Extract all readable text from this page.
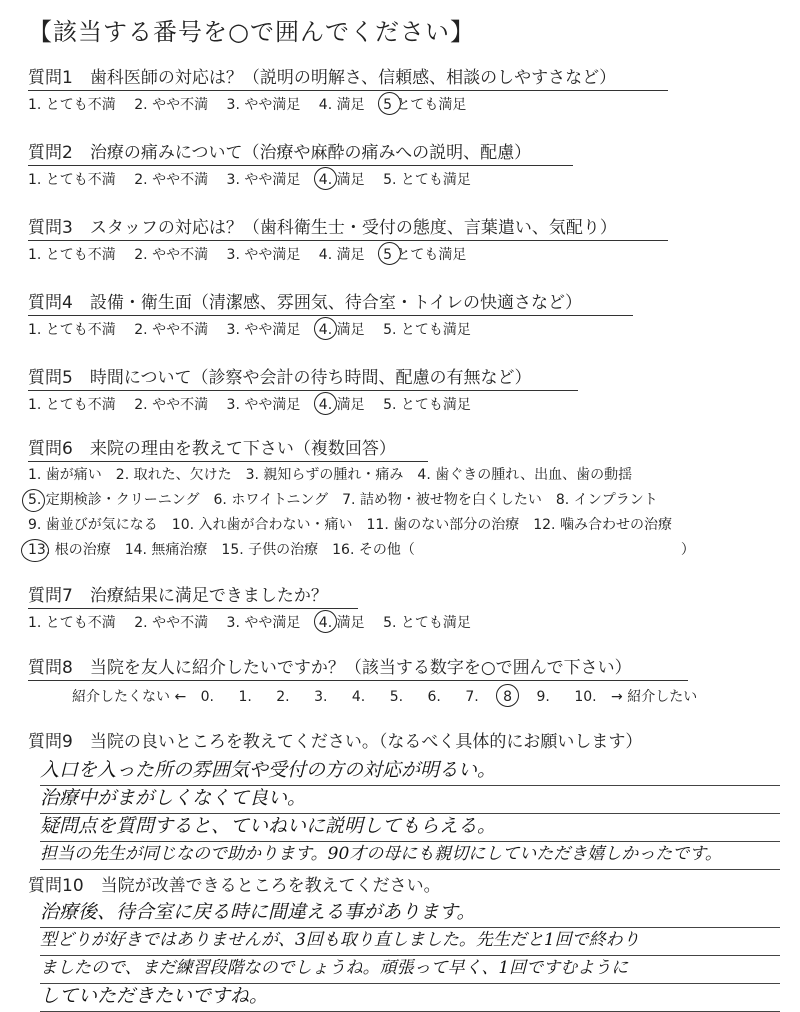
【該当する番号を○で囲んでください】
質問1　歯科医師の対応は？（説明の明解さ、信頼感、相談のしやすさなど）
1. とても不満 2. やや不満 3. やや満足 4. 満足 5 とても満足
質問2　治療の痛みについて（治療や麻酔の痛みへの説明、配慮）
1. とても不満 2. やや不満 3. やや満足 4. 満足 5. とても満足
質問3　スタッフの対応は？（歯科衛生士・受付の態度、言葉遣い、気配り）
1. とても不満 2. やや不満 3. やや満足 4. 満足 5 とても満足
質問4　設備・衛生面（清潔感、雰囲気、待合室・トイレの快適さなど）
1. とても不満 2. やや不満 3. やや満足 4. 満足 5. とても満足
質問5　時間について（診察や会計の待ち時間、配慮の有無など）
1. とても不満 2. やや不満 3. やや満足 4. 満足 5. とても満足
質問6　来院の理由を教えて下さい（複数回答）
1. 歯が痛い　2. 取れた、欠けた　3. 親知らずの腫れ・痛み　4. 歯ぐきの腫れ、出血、歯の動揺
5. 定期検診・クリーニング　6. ホワイトニング　7. 詰め物・被せ物を白くしたい　8. インプラント
9. 歯並びが気になる　10. 入れ歯が合わない・痛い　11. 歯のない部分の治療　12. 噛み合わせの治療
13. 根の治療　14. 無痛治療　15. 子供の治療　16. その他（　　　　　　　　　　　　　　　　　　　）
質問7　治療結果に満足できましたか？
1. とても不満 2. やや不満 3. やや満足 4. 満足 5. とても満足
質問8　当院を友人に紹介したいですか？（該当する数字を○で囲んで下さい）
紹介したくない ← 0. 1. 2. 3. 4. 5. 6. 7. 8 9. 10. → 紹介したい
質問9　当院の良いところを教えてください。（なるべく具体的にお願いします）
入口を入った所の雰囲気や受付の方の対応が明るい。
治療中がまがしくなくて良い。
疑問点を質問すると、ていねいに説明してもらえる。
担当の先生が同じなので助かります。90才の母にも親切にしていただき嬉しかったです。
質問10　当院が改善できるところを教えてください。
治療後、待合室に戻る時に間違える事があります。
型どりが好きではありませんが、3回も取り直しました。先生だと1回で終わり
ましたので、まだ練習段階なのでしょうね。頑張って早く、1回ですむように
していただきたいですね。
